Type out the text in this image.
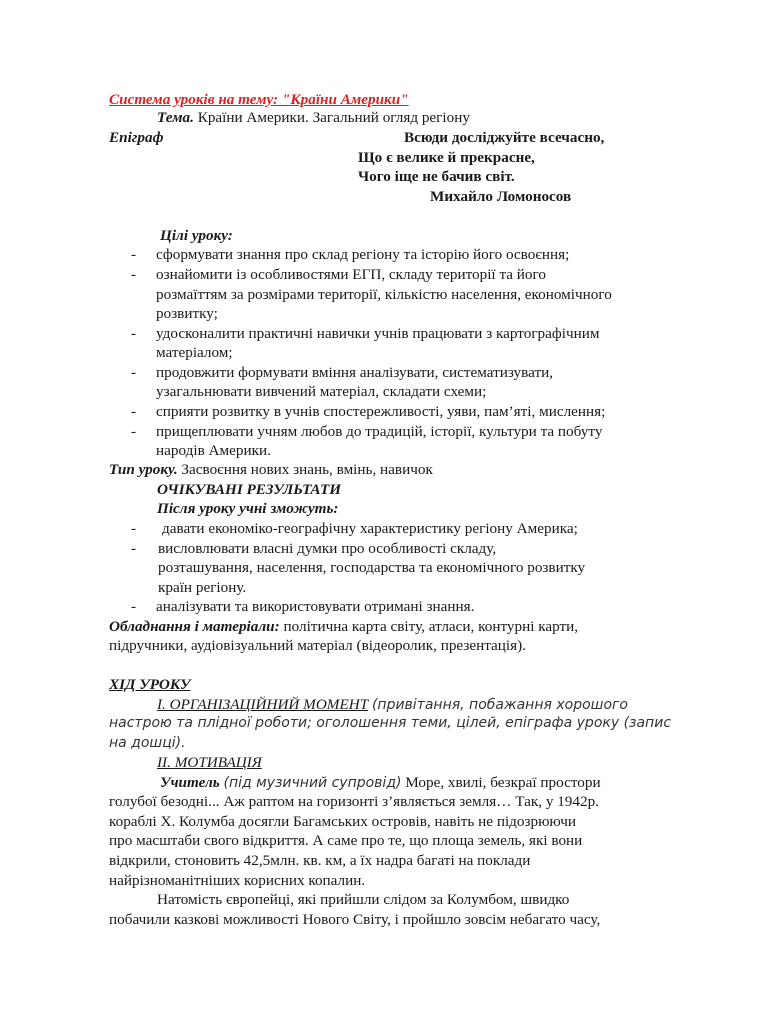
Система уроків на тему: "Країни Америки"
Тема. Країни Америки. Загальний огляд регіону
Епіграф	Всюди досліджуйте всечасно,
Що є велике й прекрасне,
Чого іще не бачив світ.
Михайло Ломоносов
Цілі уроку:
- сформувати знання про склад регіону та історію його освоєння;
- ознайомити із особливостями ЕГП, складу території та його
розмаїттям за розмірами території, кількістю населення, економічного
розвитку;
- удосконалити практичні навички учнів працювати з картографічним
матеріалом;
- продовжити формувати вміння аналізувати, систематизувати,
узагальнювати вивчений матеріал, складати схеми;
- сприяти розвитку в учнів спостережливості, уяви, пам’яті, мислення;
- прищеплювати учням любов до традицій, історії, культури та побуту
народів Америки.
Тип уроку. Засвоєння нових знань, вмінь, навичок
ОЧІКУВАНІ РЕЗУЛЬТАТИ
Після уроку учні зможуть:
- давати економіко-географічну характеристику регіону Америка;
- висловлювати власні думки про особливості складу,
розташування, населення, господарства та економічного розвитку
країн регіону.
- аналізувати та використовувати отримані знання.
Обладнання і матеріали: політична карта світу, атласи, контурні карти,
підручники, аудіовізуальний матеріал (відеоролик, презентація).
ХІД УРОКУ
I. ОРГАНІЗАЦІЙНИЙ МОМЕНТ (привітання, побажання хорошого
настрою та плідної роботи; оголошення теми, цілей, епіграфа уроку (запис
на дошці).
II. МОТИВАЦІЯ
Учитель (під музичний супровід) Море, хвилі, безкраї простори
голубої безодні... Аж раптом на горизонті з’являється земля… Так, у 1942р.
кораблі Х. Колумба досягли Багамських островів, навіть не підозрюючи
про масштаби свого відкриття. А саме про те, що площа земель, які вони
відкрили, стоновить 42,5млн. кв. км, а їх надра багаті на поклади
найрізноманітніших корисних копалин.
Натомість європейці, які прийшли слідом за Колумбом, швидко
побачили казкові можливості Нового Світу, і пройшло зовсім небагато часу,
